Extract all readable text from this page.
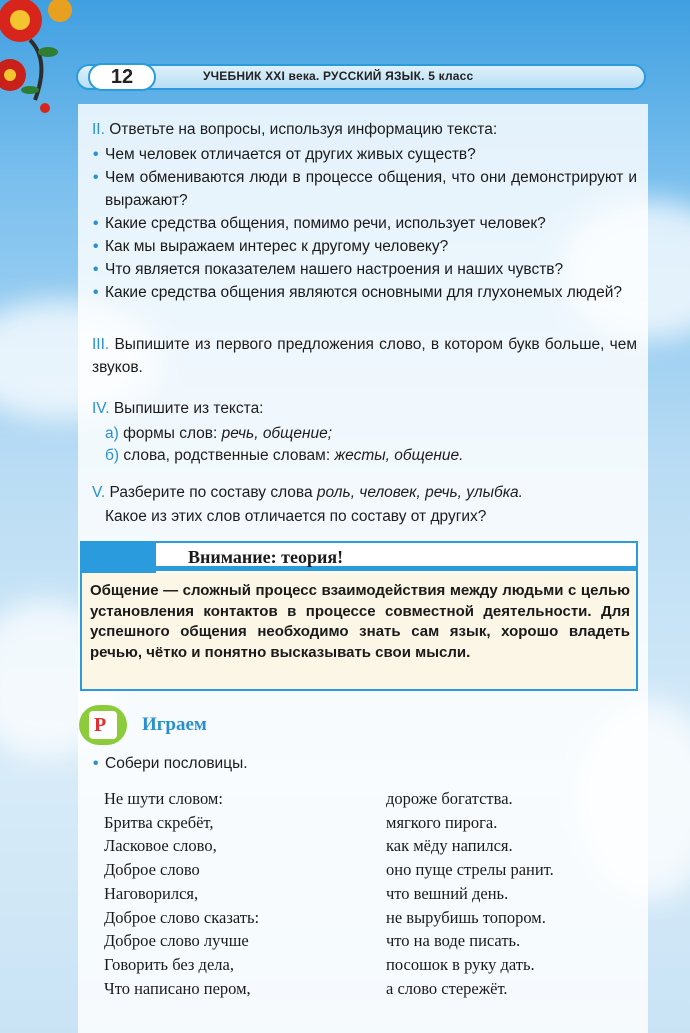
12	УЧЕБНИК XXI века. РУССКИЙ ЯЗЫК. 5 класс
II. Ответьте на вопросы, используя информацию текста:
• Чем человек отличается от других живых существ?
• Чем обмениваются люди в процессе общения, что они демонстрируют и выражают?
• Какие средства общения, помимо речи, использует человек?
• Как мы выражаем интерес к другому человеку?
• Что является показателем нашего настроения и наших чувств?
• Какие средства общения являются основными для глухонемых людей?
III. Выпишите из первого предложения слово, в котором букв больше, чем звуков.
IV. Выпишите из текста:
а) формы слов: речь, общение;
б) слова, родственные словам: жесты, общение.
V. Разберите по составу слова роль, человек, речь, улыбка.
Какое из этих слов отличается по составу от других?
Внимание: теория!
Общение — сложный процесс взаимодействия между людьми с целью установления контактов в процессе совместной деятельности. Для успешного общения необходимо знать сам язык, хорошо владеть речью, чётко и понятно высказывать свои мысли.
Р Играем
• Собери пословицы.
Не шути словом:
Бритва скребёт,
Ласковое слово,
Доброе слово
Наговорился,
Доброе слово сказать:
Доброе слово лучше
Говорить без дела,
Что написано пером,
дороже богатства.
мягкого пирога.
как мёду напился.
оно пуще стрелы ранит.
что вешний день.
не вырубишь топором.
что на воде писать.
посошок в руку дать.
а слово стережёт.
